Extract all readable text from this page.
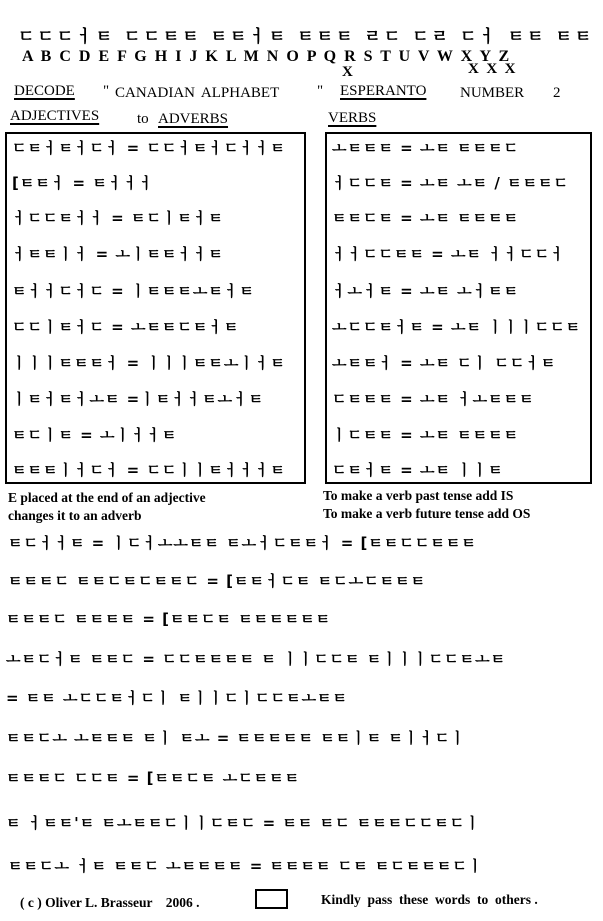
ㄷㄷㄷㅓㅌ ㄷㄷㅌㅌ ㅌㅌㅓㅌ ㅌㅌㅌ ㄹㄷ ㄷㄹ ㄷㅓ ㅌㅌ ㅌㅌ
A B C D E F G H I J K L M N O P Q R S T U V W X Y Z
X	X  X  X
DECODE " CANADIAN ALPHABET	" ESPERANTO NUMBER 2
ADJECTIVES	to ADVERBS	VERBS
ㄷㅌㅓㅌㅓㄷㅓ = ㄷㄷㅓㅌㅓㄷㅓㅓㅌ
[ㅌㅌㅓ = ㅌㅓㅓㅓ
ㅓㄷㄷㅌㅓㅓ = ㅌㄷㅣㅌㅓㅌ
ㅓㅌㅌㅣㅓ = ㅗㅣㅌㅌㅓㅓㅌ
ㅌㅓㅓㄷㅓㄷ = ㅣㅌㅌㅌㅗㅌㅓㅌ
ㄷㄷㅣㅌㅓㄷ = ㅗㅌㅌㄷㅌㅓㅌ
ㅣㅣㅣㅌㅌㅌㅓ = ㅣㅣㅣㅌㅌㅗㅣㅓㅌ
ㅣㅌㅓㅌㅓㅗㅌ =ㅣㅌㅓㅓㅌㅗㅓㅌ
ㅌㄷㅣㅌ = ㅗㅣㅓㅓㅌ
ㅌㅌㅌㅣㅓㄷㅓ = ㄷㄷㅣㅣㅌㅓㅓㅓㅌ
ㅗㅌㅌㅌ = ㅗㅌ ㅌㅌㅌㄷ
ㅓㄷㄷㅌ = ㅗㅌ ㅗㅌ / ㅌㅌㅌㄷ
ㅌㅌㄷㅌ = ㅗㅌ ㅌㅌㅌㅌ
ㅓㅓㄷㄷㅌㅌ = ㅗㅌ ㅓㅓㄷㄷㅓ
ㅓㅗㅓㅌ = ㅗㅌ ㅗㅓㅌㅌ
ㅗㄷㄷㅌㅓㅌ = ㅗㅌ ㅣㅣㅣㄷㄷㅌ
ㅗㅌㅌㅓ = ㅗㅌ ㄷㅣ ㄷㄷㅓㅌ
ㄷㅌㅌㅌ = ㅗㅌ ㅓㅗㅌㅌㅌ
ㅣㄷㅌㅌ = ㅗㅌ ㅌㅌㅌㅌ
ㄷㅌㅓㅌ = ㅗㅌ ㅣㅣㅌ
E placed at the end of an adjective
changes it to an adverb
To make a verb past tense add IS
To make a verb future tense add OS
ㅌㄷㅓㅓㅌ = ㅣㄷㅓㅗㅗㅌㅌ ㅌㅗㅓㄷㅌㅌㅓ = [ㅌㅌㄷㄷㅌㅌㅌ
ㅌㅌㅌㄷ ㅌㅌㄷㅌㄷㅌㅌㄷ = [ㅌㅌㅓㄷㅌ ㅌㄷㅗㄷㅌㅌㅌ
ㅌㅌㅌㄷ ㅌㅌㅌㅌ = [ㅌㅌㄷㅌ ㅌㅌㅌㅌㅌㅌ
ㅗㅌㄷㅓㅌ ㅌㅌㄷ = ㄷㄷㅌㅌㅌㅌ ㅌ ㅣㅣㄷㄷㅌ ㅌㅣㅣㅣㄷㄷㅌㅗㅌ
= ㅌㅌ ㅗㄷㄷㅌㅓㄷㅣ ㅌㅣㅣㄷㅣㄷㄷㅌㅗㅌㅌ
ㅌㅌㄷㅗ ㅗㅌㅌㅌ ㅌㅣ ㅌㅗ = ㅌㅌㅌㅌㅌ ㅌㅌㅣㅌ ㅌㅣㅓㄷㅣ
ㅌㅌㅌㄷ ㄷㄷㅌ = [ㅌㅌㄷㅌ ㅗㄷㅌㅌㅌ
ㅌ ㅓㅌㅌ'ㅌ ㅌㅗㅌㅌㄷㅣㅣㄷㅌㄷ = ㅌㅌ ㅌㄷ ㅌㅌㅌㄷㄷㅌㄷㅣ
ㅌㅌㄷㅗ ㅓㅌ ㅌㅌㄷ ㅗㅌㅌㅌㅌ = ㅌㅌㅌㅌ ㄷㅌ ㅌㄷㅌㅌㅌㄷㅣ
( c ) Oliver L. Brasseur    2006 .	Kindly  pass  these  words  to  others .
